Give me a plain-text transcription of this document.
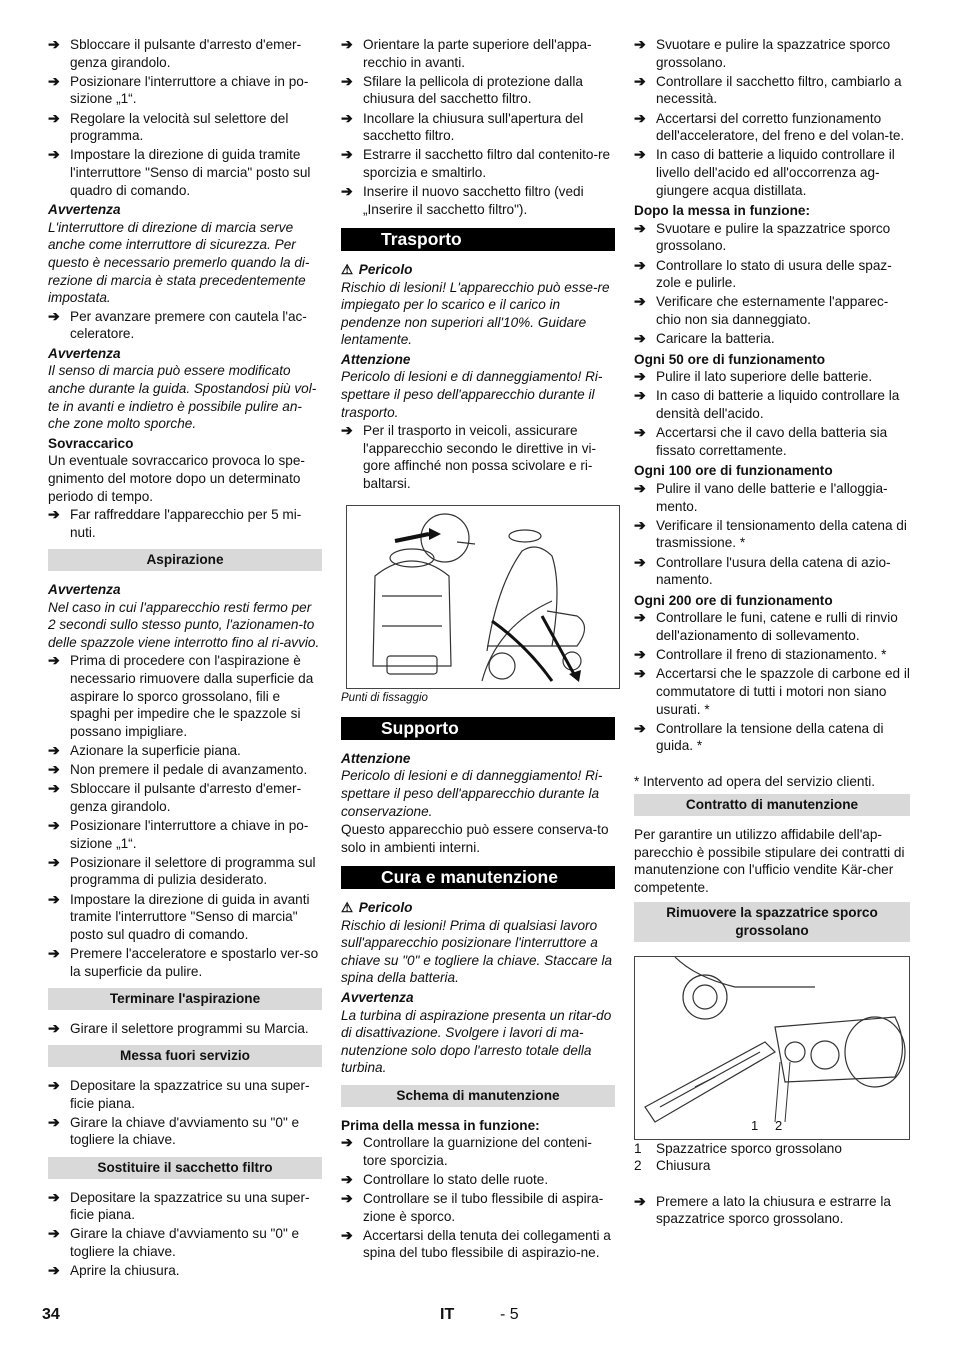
➔ Sbloccare il pulsante d'arresto d'emer-genza girandolo.
➔ Posizionare l'interruttore a chiave in po-sizione „1“.
➔ Regolare la velocità sul selettore del programma.
➔ Impostare la direzione di guida tramite l'interruttore "Senso di marcia" posto sul quadro di comando.
Avvertenza
L'interruttore di direzione di marcia serve anche come interruttore di sicurezza. Per questo è necessario premerlo quando la di-rezione di marcia è stata precedentemente impostata.
➔ Per avanzare premere con cautela l'ac-celeratore.
Avvertenza
Il senso di marcia può essere modificato anche durante la guida. Spostandosi più vol-te in avanti e indietro è possibile pulire an-che zone molto sporche.
Sovraccarico
Un eventuale sovraccarico provoca lo spe-gnimento del motore dopo un determinato periodo di tempo.
➔ Far raffreddare l'apparecchio per 5 mi-nuti.
Aspirazione
Avvertenza
Nel caso in cui l'apparecchio resti fermo per 2 secondi sullo stesso punto, l'azionamen-to delle spazzole viene interrotto fino al ri-avvio.
➔ Prima di procedere con l'aspirazione è necessario rimuovere dalla superficie da aspirare lo sporco grossolano, fili e spaghi per impedire che le spazzole si possano impigliare.
➔ Azionare la superficie piana.
➔ Non premere il pedale di avanzamento.
➔ Sbloccare il pulsante d'arresto d'emer-genza girandolo.
➔ Posizionare l'interruttore a chiave in po-sizione „1“.
➔ Posizionare il selettore di programma sul programma di pulizia desiderato.
➔ Impostare la direzione di guida in avanti tramite l'interruttore "Senso di marcia" posto sul quadro di comando.
➔ Premere l'acceleratore e spostarlo ver-so la superficie da pulire.
Terminare l'aspirazione
➔ Girare il selettore programmi su Marcia.
Messa fuori servizio
➔ Depositare la spazzatrice su una super-ficie piana.
➔ Girare la chiave d'avviamento su "0" e togliere la chiave.
Sostituire il sacchetto filtro
➔ Depositare la spazzatrice su una super-ficie piana.
➔ Girare la chiave d'avviamento su "0" e togliere la chiave.
➔ Aprire la chiusura.
➔ Orientare la parte superiore dell'appa-recchio in avanti.
➔ Sfilare la pellicola di protezione dalla chiusura del sacchetto filtro.
➔ Incollare la chiusura sull'apertura del sacchetto filtro.
➔ Estrarre il sacchetto filtro dal contenito-re sporcizia e smaltirlo.
➔ Inserire il nuovo sacchetto filtro (vedi „Inserire il sacchetto filtro").
Trasporto
⚠ Pericolo
Rischio di lesioni! L'apparecchio può esse-re impiegato per lo scarico e il carico in pendenze non superiori all'10%. Guidare lentamente.
Attenzione
Pericolo di lesioni e di danneggiamento! Ri-spettare il peso dell'apparecchio durante il trasporto.
➔ Per il trasporto in veicoli, assicurare l'apparecchio secondo le direttive in vi-gore affinché non possa scivolare e ri-baltarsi.
Punti di fissaggio
Supporto
Attenzione
Pericolo di lesioni e di danneggiamento! Ri-spettare il peso dell'apparecchio durante la conservazione.
Questo apparecchio può essere conserva-to solo in ambienti interni.
Cura e manutenzione
⚠ Pericolo
Rischio di lesioni! Prima di qualsiasi lavoro sull'apparecchio posizionare l'interruttore a chiave su "0" e togliere la chiave. Staccare la spina della batteria.
Avvertenza
La turbina di aspirazione presenta un ritar-do di disattivazione. Svolgere i lavori di ma-nutenzione solo dopo l'arresto totale della turbina.
Schema di manutenzione
Prima della messa in funzione:
➔ Controllare la guarnizione del conteni-tore sporcizia.
➔ Controllare lo stato delle ruote.
➔ Controllare se il tubo flessibile di aspira-zione è sporco.
➔ Accertarsi della tenuta dei collegamenti a spina del tubo flessibile di aspirazio-ne.
➔ Svuotare e pulire la spazzatrice sporco grossolano.
➔ Controllare il sacchetto filtro, cambiarlo a necessità.
➔ Accertarsi del corretto funzionamento dell'acceleratore, del freno e del volan-te.
➔ In caso di batterie a liquido controllare il livello dell'acido ed all'occorrenza ag-giungere acqua distillata.
Dopo la messa in funzione:
➔ Svuotare e pulire la spazzatrice sporco grossolano.
➔ Controllare lo stato di usura delle spaz-zole e pulirle.
➔ Verificare che esternamente l'apparec-chio non sia danneggiato.
➔ Caricare la batteria.
Ogni 50 ore di funzionamento
➔ Pulire il lato superiore delle batterie.
➔ In caso di batterie a liquido controllare la densità dell'acido.
➔ Accertarsi che il cavo della batteria sia fissato correttamente.
Ogni 100 ore di funzionamento
➔ Pulire il vano delle batterie e l'alloggia-mento.
➔ Verificare il tensionamento della catena di trasmissione. *
➔ Controllare l'usura della catena di azio-namento.
Ogni 200 ore di funzionamento
➔ Controllare le funi, catene e rulli di rinvio dell'azionamento di sollevamento.
➔ Controllare il freno di stazionamento. *
➔ Accertarsi che le spazzole di carbone ed il commutatore di tutti i motori non siano usurati. *
➔ Controllare la tensione della catena di guida. *
* Intervento ad opera del servizio clienti.
Contratto di manutenzione
Per garantire un utilizzo affidabile dell'ap-parecchio è possibile stipulare dei contratti di manutenzione con l'ufficio vendite Kär-cher competente.
Rimuovere la spazzatrice sporco grossolano
1 2
1	Spazzatrice sporco grossolano
2	Chiusura
➔ Premere a lato la chiusura e estrarre la spazzatrice sporco grossolano.
34	IT	- 5
